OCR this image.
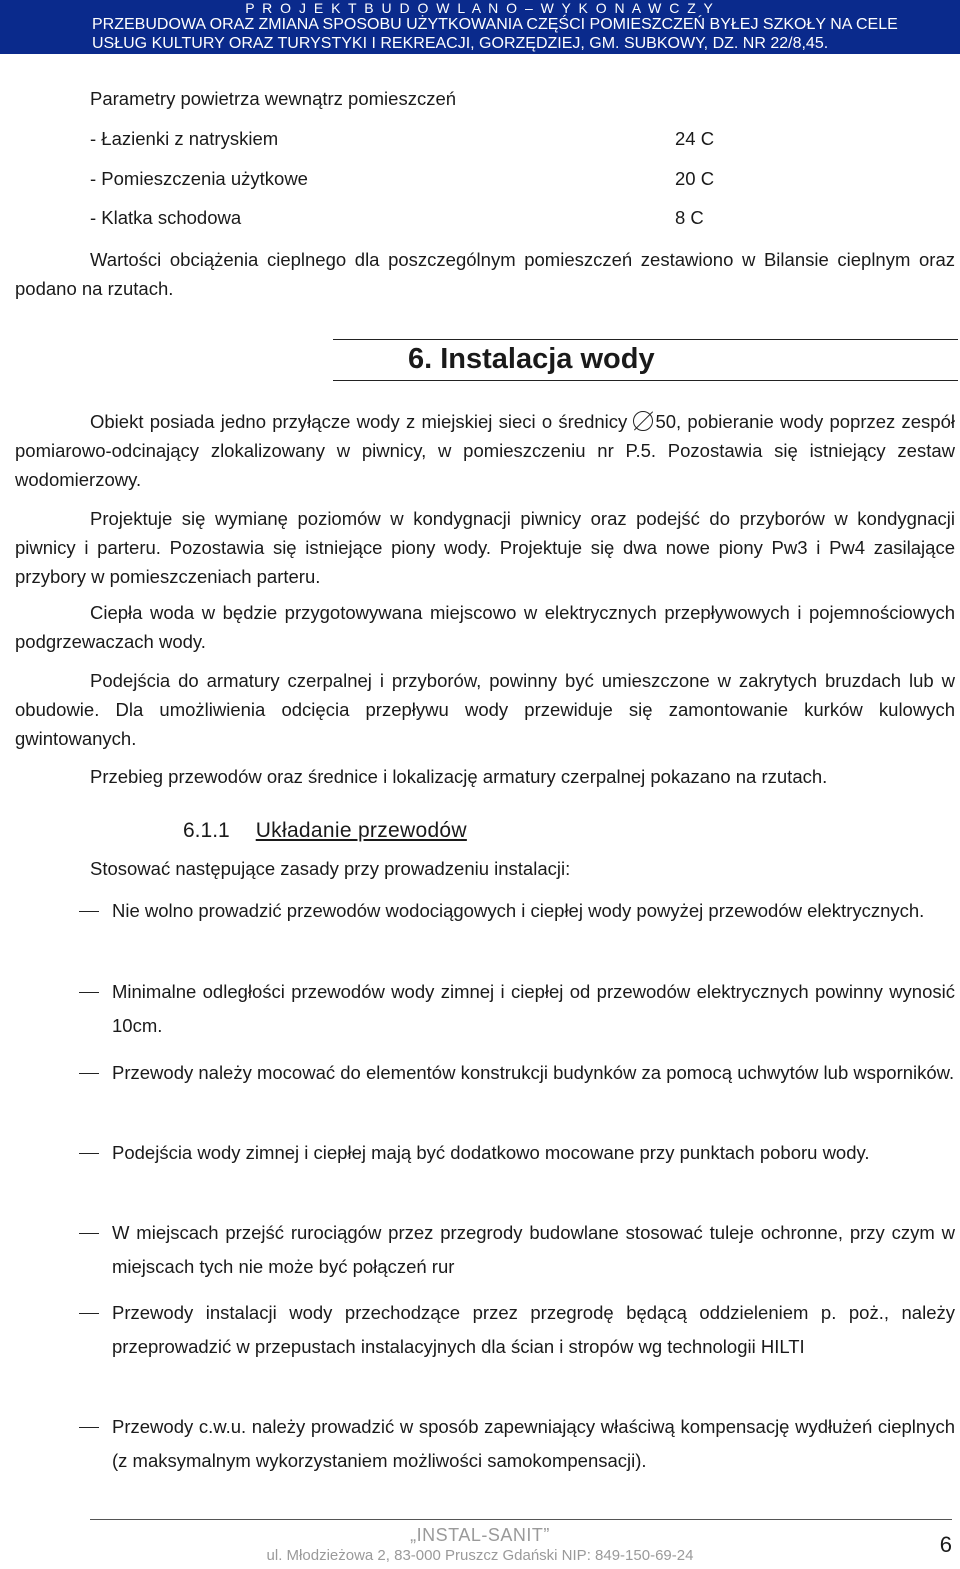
P R O J E K T B U D O W L A N O – W Y K O N A W C Z Y
PRZEBUDOWA ORAZ ZMIANA SPOSOBU UŻYTKOWANIA CZĘŚCI POMIESZCZEŃ BYŁEJ SZKOŁY NA CELE
USŁUG KULTURY ORAZ TURYSTYKI I REKREACJI, GORZĘDZIEJ, GM. SUBKOWY, DZ. NR 22/8,45.
Parametry powietrza wewnątrz pomieszczeń
- Łazienki z natryskiem	24 C
- Pomieszczenia użytkowe	20 C
- Klatka schodowa	8 C
Wartości obciążenia cieplnego dla poszczególnym pomieszczeń zestawiono w Bilansie cieplnym oraz podano na rzutach.
6. Instalacja wody
Obiekt posiada jedno przyłącze wody z miejskiej sieci o średnicy 50, pobieranie wody poprzez zespół pomiarowo-odcinający zlokalizowany w piwnicy, w pomieszczeniu nr P.5. Pozostawia się istniejący zestaw wodomierzowy.
Projektuje się wymianę poziomów w kondygnacji piwnicy oraz podejść do przyborów w kondygnacji piwnicy i parteru. Pozostawia się istniejące piony wody. Projektuje się dwa nowe piony Pw3 i Pw4 zasilające przybory w pomieszczeniach parteru.
Ciepła woda w będzie przygotowywana miejscowo w elektrycznych przepływowych i pojemnościowych podgrzewaczach wody.
Podejścia do armatury czerpalnej i przyborów, powinny być umieszczone w zakrytych bruzdach lub w obudowie. Dla umożliwienia odcięcia przepływu wody przewiduje się zamontowanie kurków kulowych gwintowanych.
Przebieg przewodów oraz średnice i lokalizację armatury czerpalnej pokazano na rzutach.
6.1.1 Układanie przewodów
Stosować następujące zasady przy prowadzeniu instalacji:
Nie wolno prowadzić przewodów wodociągowych i ciepłej wody powyżej przewodów elektrycznych.
Minimalne odległości przewodów wody zimnej i ciepłej od przewodów elektrycznych powinny wynosić 10cm.
Przewody należy mocować do elementów konstrukcji budynków za pomocą uchwytów lub wsporników.
Podejścia wody zimnej i ciepłej mają być dodatkowo mocowane przy punktach poboru wody.
W miejscach przejść rurociągów przez przegrody budowlane stosować tuleje ochronne, przy czym w miejscach tych nie może być połączeń rur
Przewody instalacji wody przechodzące przez przegrodę będącą oddzieleniem p. poż., należy przeprowadzić w przepustach instalacyjnych dla ścian i stropów wg technologii HILTI
Przewody c.w.u. należy prowadzić w sposób zapewniający właściwą kompensację wydłużeń cieplnych (z maksymalnym wykorzystaniem możliwości samokompensacji).
„INSTAL-SANIT”
ul. Młodzieżowa 2, 83-000 Pruszcz Gdański NIP: 849-150-69-24	6
